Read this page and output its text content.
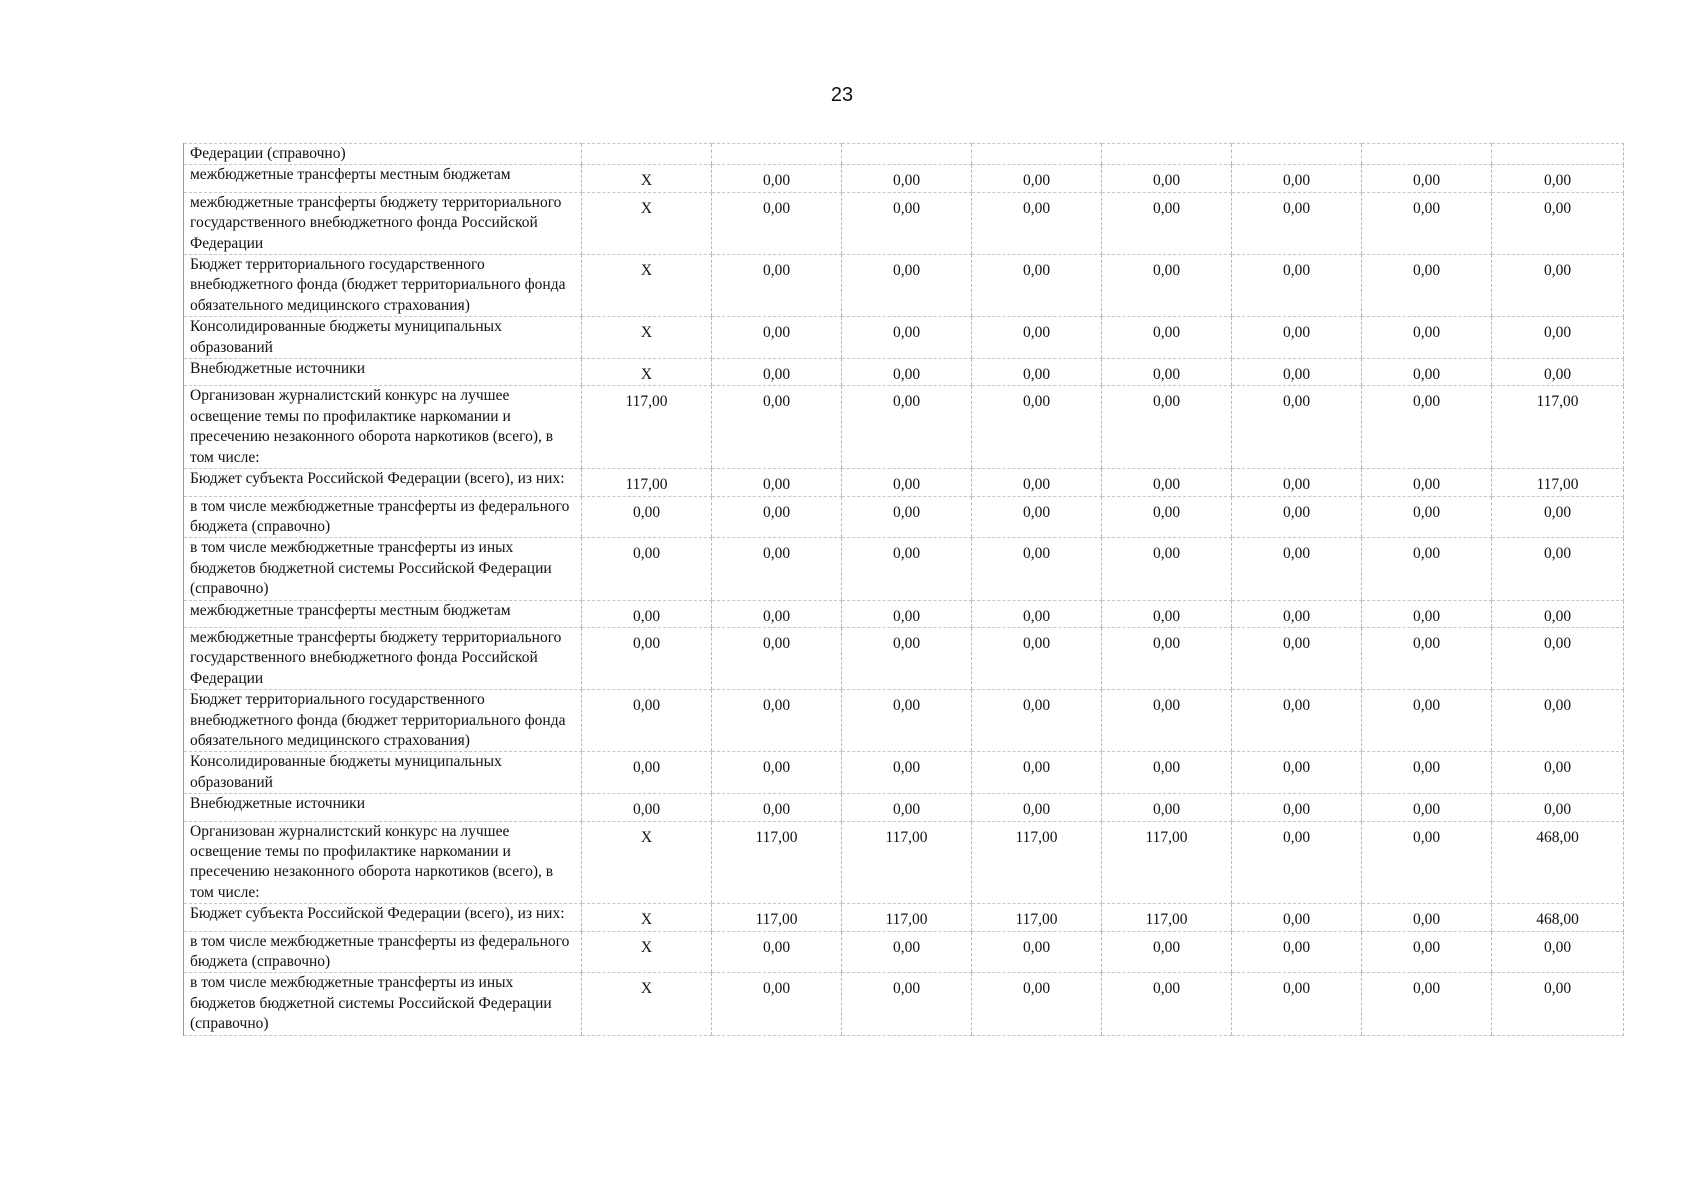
23
Федерации (справочно)								
межбюджетные трансферты местным бюджетам	X	0,00	0,00	0,00	0,00	0,00	0,00	0,00
межбюджетные трансферты бюджету территориального государственного внебюджетного фонда Российской Федерации	X	0,00	0,00	0,00	0,00	0,00	0,00	0,00
Бюджет территориального государственного внебюджетного фонда (бюджет территориального фонда обязательного медицинского страхования)	X	0,00	0,00	0,00	0,00	0,00	0,00	0,00
Консолидированные бюджеты муниципальных образований	X	0,00	0,00	0,00	0,00	0,00	0,00	0,00
Внебюджетные источники	X	0,00	0,00	0,00	0,00	0,00	0,00	0,00
Организован журналистский конкурс на лучшее освещение темы по профилактике наркомании и пресечению незаконного оборота наркотиков (всего), в том числе:	117,00	0,00	0,00	0,00	0,00	0,00	0,00	117,00
Бюджет субъекта Российской Федерации (всего), из них:	117,00	0,00	0,00	0,00	0,00	0,00	0,00	117,00
в том числе межбюджетные трансферты из федерального бюджета (справочно)	0,00	0,00	0,00	0,00	0,00	0,00	0,00	0,00
в том числе межбюджетные трансферты из иных бюджетов бюджетной системы Российской Федерации (справочно)	0,00	0,00	0,00	0,00	0,00	0,00	0,00	0,00
межбюджетные трансферты местным бюджетам	0,00	0,00	0,00	0,00	0,00	0,00	0,00	0,00
межбюджетные трансферты бюджету территориального государственного внебюджетного фонда Российской Федерации	0,00	0,00	0,00	0,00	0,00	0,00	0,00	0,00
Бюджет территориального государственного внебюджетного фонда (бюджет территориального фонда обязательного медицинского страхования)	0,00	0,00	0,00	0,00	0,00	0,00	0,00	0,00
Консолидированные бюджеты муниципальных образований	0,00	0,00	0,00	0,00	0,00	0,00	0,00	0,00
Внебюджетные источники	0,00	0,00	0,00	0,00	0,00	0,00	0,00	0,00
Организован журналистский конкурс на лучшее освещение темы по профилактике наркомании и пресечению незаконного оборота наркотиков (всего), в том числе:	X	117,00	117,00	117,00	117,00	0,00	0,00	468,00
Бюджет субъекта Российской Федерации (всего), из них:	X	117,00	117,00	117,00	117,00	0,00	0,00	468,00
в том числе межбюджетные трансферты из федерального бюджета (справочно)	X	0,00	0,00	0,00	0,00	0,00	0,00	0,00
в том числе межбюджетные трансферты из иных бюджетов бюджетной системы Российской Федерации (справочно)	X	0,00	0,00	0,00	0,00	0,00	0,00	0,00
